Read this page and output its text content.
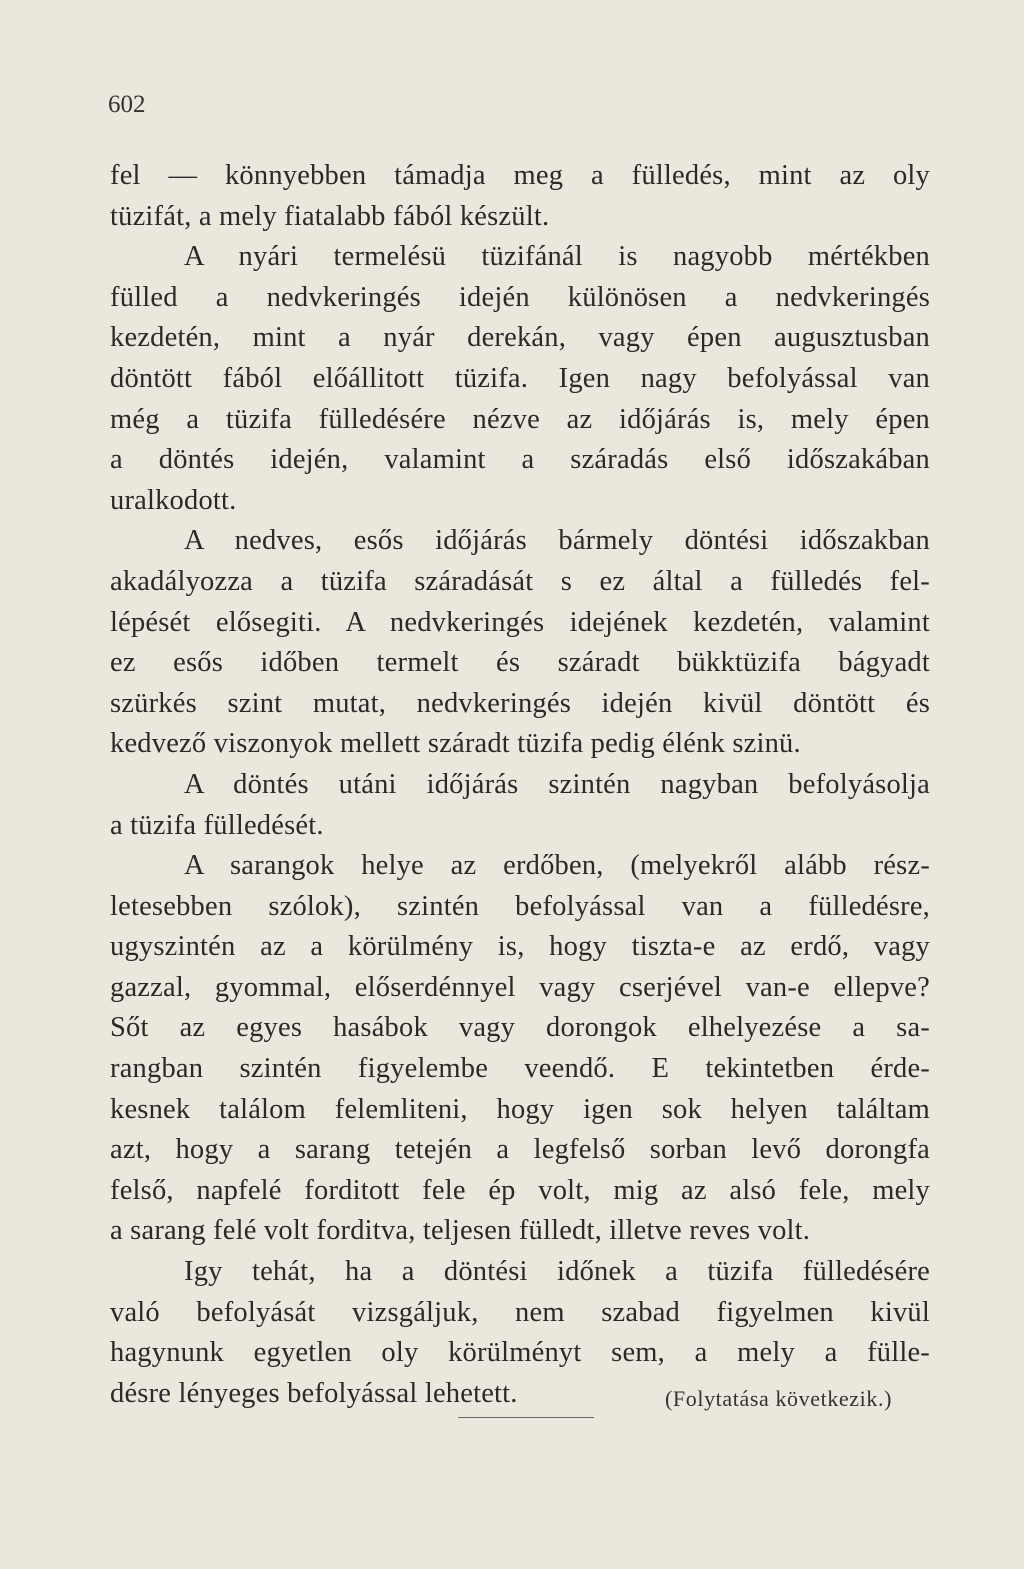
602
fel — könnyebben támadja meg a fülledés, mint az oly
tüzifát, a mely fiatalabb fából készült.
A nyári termelésü tüzifánál is nagyobb mértékben
fülled a nedvkeringés idején különösen a nedvkeringés
kezdetén, mint a nyár derekán, vagy épen augusztusban
döntött fából előállitott tüzifa. Igen nagy befolyással van
még a tüzifa fülledésére nézve az időjárás is, mely épen
a döntés idején, valamint a száradás első időszakában
uralkodott.
A nedves, esős időjárás bármely döntési időszakban
akadályozza a tüzifa száradását s ez által a fülledés fel-
lépését elősegiti. A nedvkeringés idejének kezdetén, valamint
ez esős időben termelt és száradt bükktüzifa bágyadt
szürkés szint mutat, nedvkeringés idején kivül döntött és
kedvező viszonyok mellett száradt tüzifa pedig élénk szinü.
A döntés utáni időjárás szintén nagyban befolyásolja
a tüzifa fülledését.
A sarangok helye az erdőben, (melyekről alább rész-
letesebben szólok), szintén befolyással van a fülledésre,
ugyszintén az a körülmény is, hogy tiszta-e az erdő, vagy
gazzal, gyommal, előserdénnyel vagy cserjével van-e ellepve?
Sőt az egyes hasábok vagy dorongok elhelyezése a sa-
rangban szintén figyelembe veendő. E tekintetben érde-
kesnek találom felemliteni, hogy igen sok helyen találtam
azt, hogy a sarang tetején a legfelső sorban levő dorongfa
felső, napfelé forditott fele ép volt, mig az alsó fele, mely
a sarang felé volt forditva, teljesen fülledt, illetve reves volt.
Igy tehát, ha a döntési időnek a tüzifa fülledésére
való befolyását vizsgáljuk, nem szabad figyelmen kivül
hagynunk egyetlen oly körülményt sem, a mely a fülle-
désre lényeges befolyással lehetett.	(Folytatása következik.)
